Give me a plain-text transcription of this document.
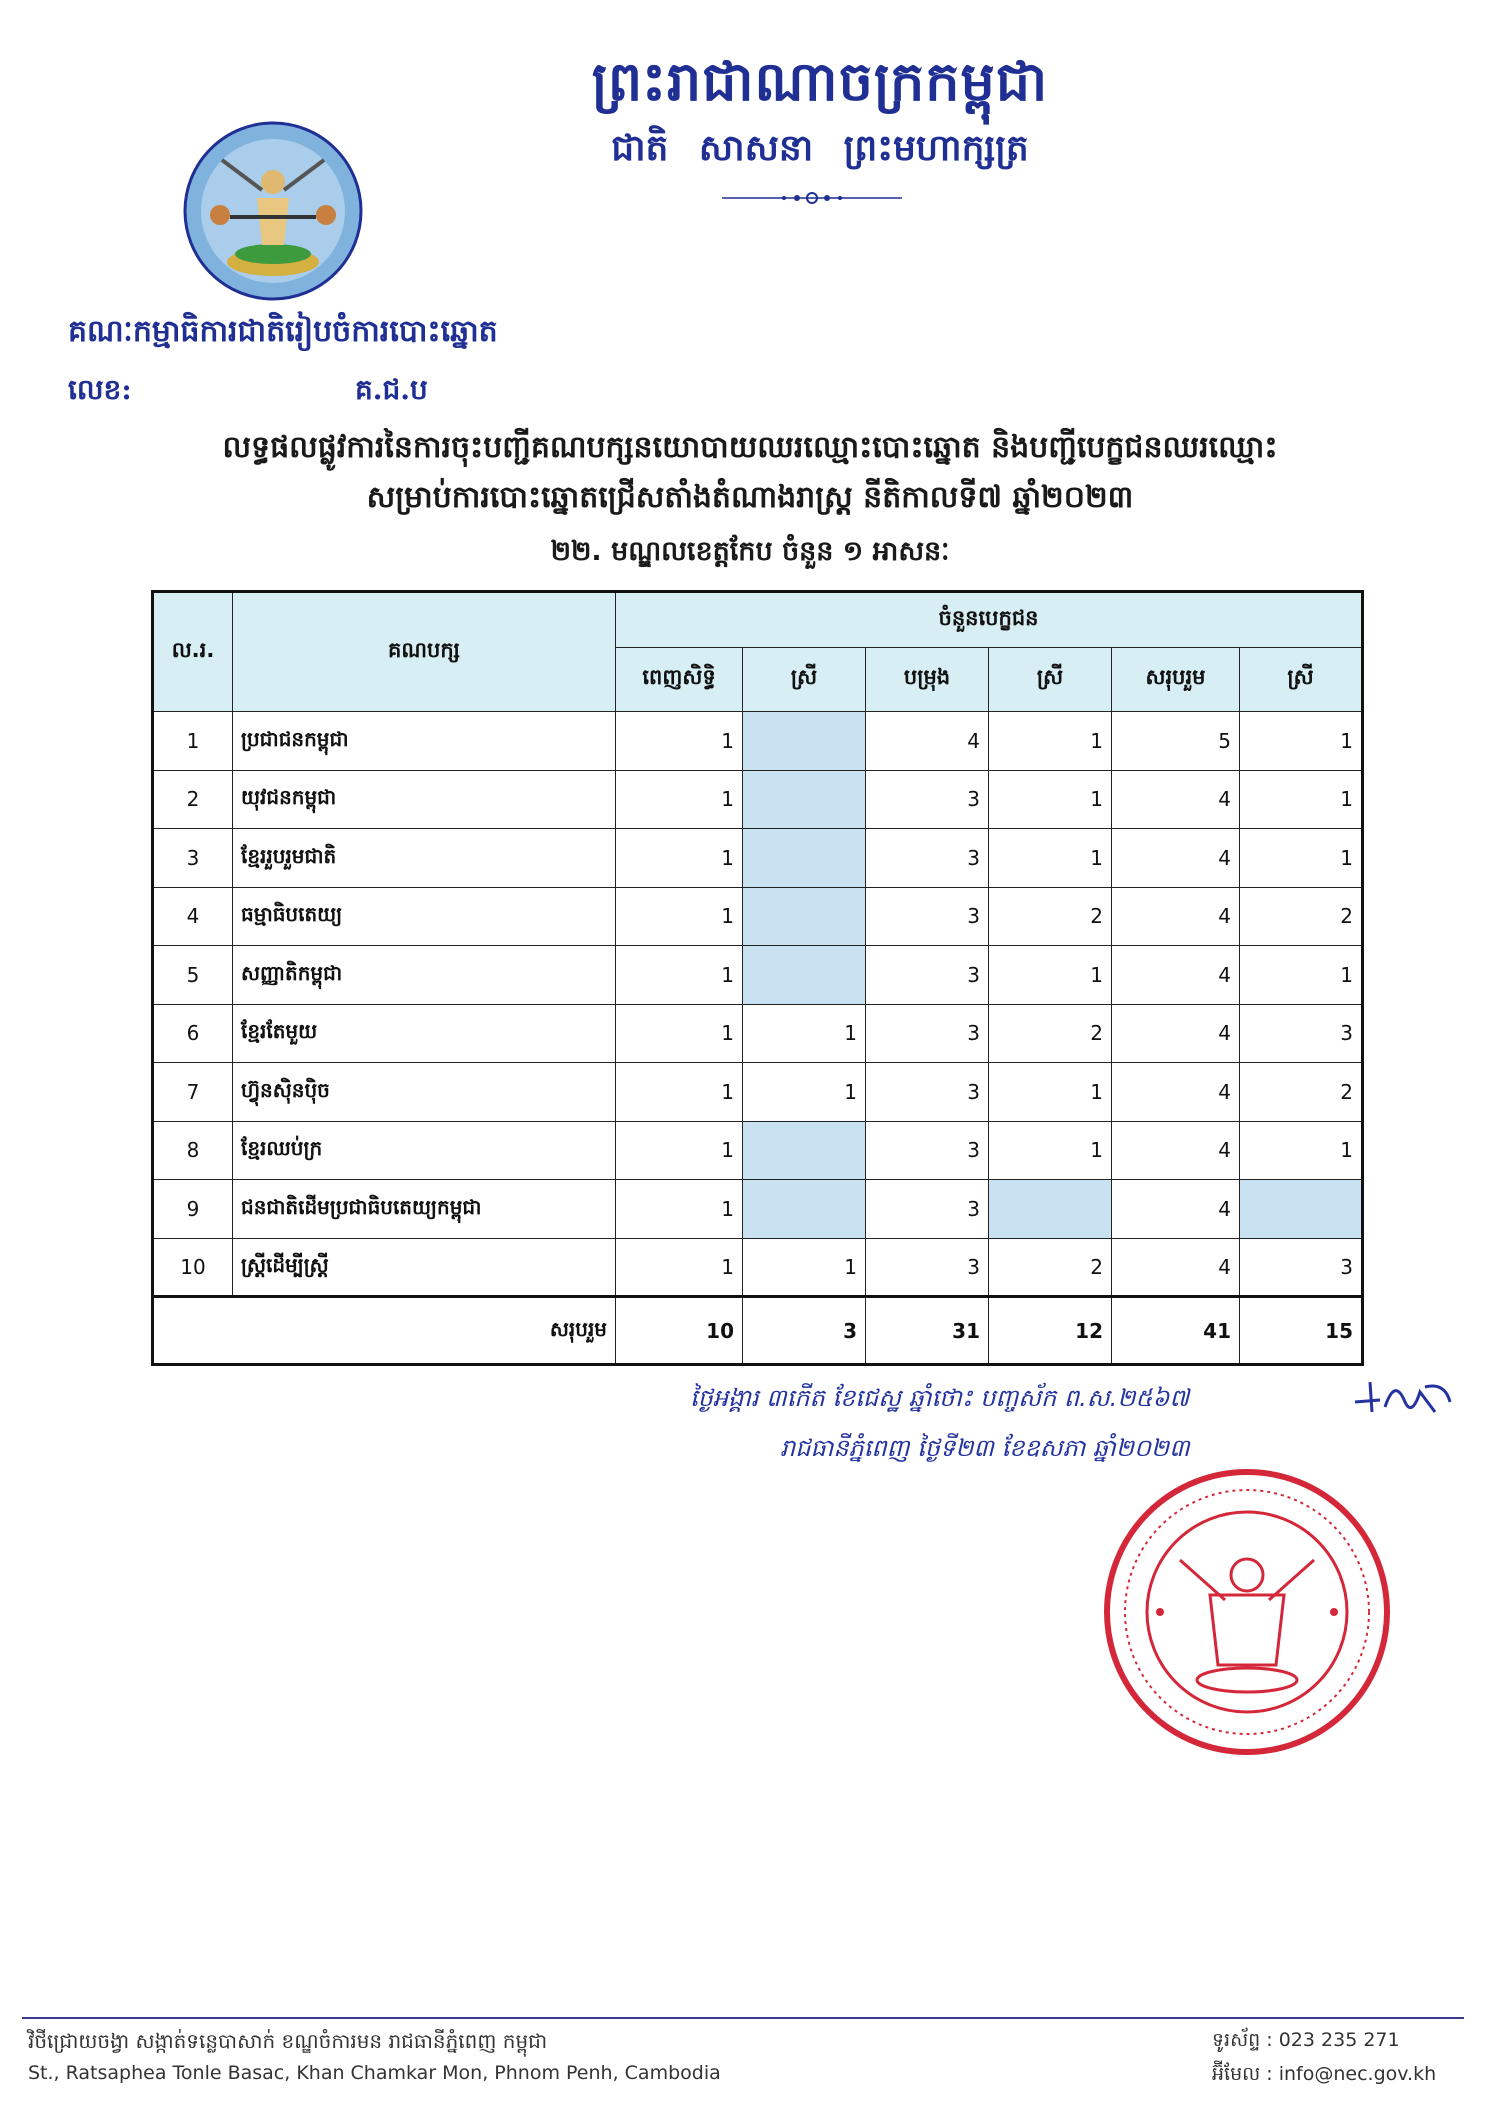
ព្រះរាជាណាចក្រកម្ពុជា
ជាតិ សាសនា ព្រះមហាក្សត្រ
គណៈកម្មាធិការជាតិរៀបចំការបោះឆ្នោត
លេខ:	គ.ជ.ប
លទ្ធផលផ្លូវការនៃការចុះបញ្ជីគណបក្សនយោបាយឈរឈ្មោះបោះឆ្នោត និងបញ្ជីបេក្ខជនឈរឈ្មោះ
សម្រាប់ការបោះឆ្នោតជ្រើសតាំងតំណាងរាស្ត្រ នីតិកាលទី៧ ឆ្នាំ២០២៣
២២. មណ្ឌលខេត្តកែប ចំនួន ១ អាសនៈ
ល.រ.	គណបក្ស	ចំនួនបេក្ខជន					
		ពេញសិទ្ធិ	ស្រី	បម្រុង	ស្រី	សរុបរួម	ស្រី
1	ប្រជាជនកម្ពុជា	1		4	1	5	1
2	យុវជនកម្ពុជា	1		3	1	4	1
3	ខ្មែររួបរួមជាតិ	1		3	1	4	1
4	ធម្មាធិបតេយ្យ	1		3	2	4	2
5	សញ្ញាតិកម្ពុជា	1		3	1	4	1
6	ខ្មែរតែមួយ	1	1	3	2	4	3
7	ហ៊្វុនស៊ិនប៉ិច	1	1	3	1	4	2
8	ខ្មែរឈប់ក្រ	1		3	1	4	1
9	ជនជាតិដើមប្រជាធិបតេយ្យកម្ពុជា	1		3		4	
10	ស្ត្រីដើម្បីស្ត្រី	1	1	3	2	4	3
សរុបរួម		10	3	31	12	41	15
ថ្ងៃអង្គារ ៣កើត ខែជេស្ឋ ឆ្នាំថោះ បញ្ចស័ក ព.ស.២៥៦៧
រាជធានីភ្នំពេញ ថ្ងៃទី២៣ ខែឧសភា ឆ្នាំ២០២៣
វិថីជ្រោយចង្វា សង្កាត់ទន្លេបាសាក់ ខណ្ឌចំការមន រាជធានីភ្នំពេញ កម្ពុជា
St., Ratsaphea Tonle Basac, Khan Chamkar Mon, Phnom Penh, Cambodia
ទូរស័ព្ទ : 023 235 271
អ៊ីមែល : info@nec.gov.kh
